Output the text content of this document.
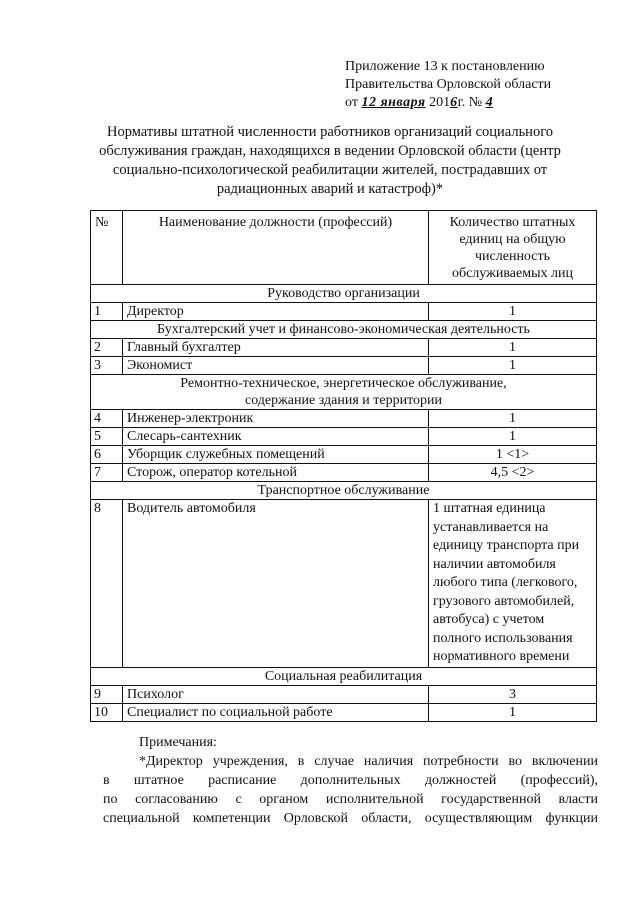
Приложение 13 к постановлению
Правительства Орловской области
от 12 января 2016г. № 4
Нормативы штатной численности работников организаций социального обслуживания граждан, находящихся в ведении Орловской области (центр социально-психологической реабилитации жителей, пострадавших от радиационных аварий и катастроф)*
№	Наименование должности (профессий)	Количество штатных единиц на общую численность обслуживаемых лиц
Руководство организации		
1	Директор	1
Бухгалтерский учет и финансово-экономическая деятельность		
2	Главный бухгалтер	1
3	Экономист	1
Ремонтно-техническое, энергетическое обслуживание, содержание здания и территории		
4	Инженер-электроник	1
5	Слесарь-сантехник	1
6	Уборщик служебных помещений	1 <1>
7	Сторож, оператор котельной	4,5 <2>
Транспортное обслуживание		
8	Водитель автомобиля	1 штатная единица устанавливается на единицу транспорта при наличии автомобиля любого типа (легкового, грузового автомобилей, автобуса) с учетом полного использования нормативного времени
Социальная реабилитация		
9	Психолог	3
10	Специалист по социальной работе	1
Примечания:

*Директор учреждения, в случае наличия потребности во включении

в штатное расписание дополнительных должностей (профессий),

по согласованию с органом исполнительной государственной власти

специальной компетенции Орловской области, осуществляющим функции
